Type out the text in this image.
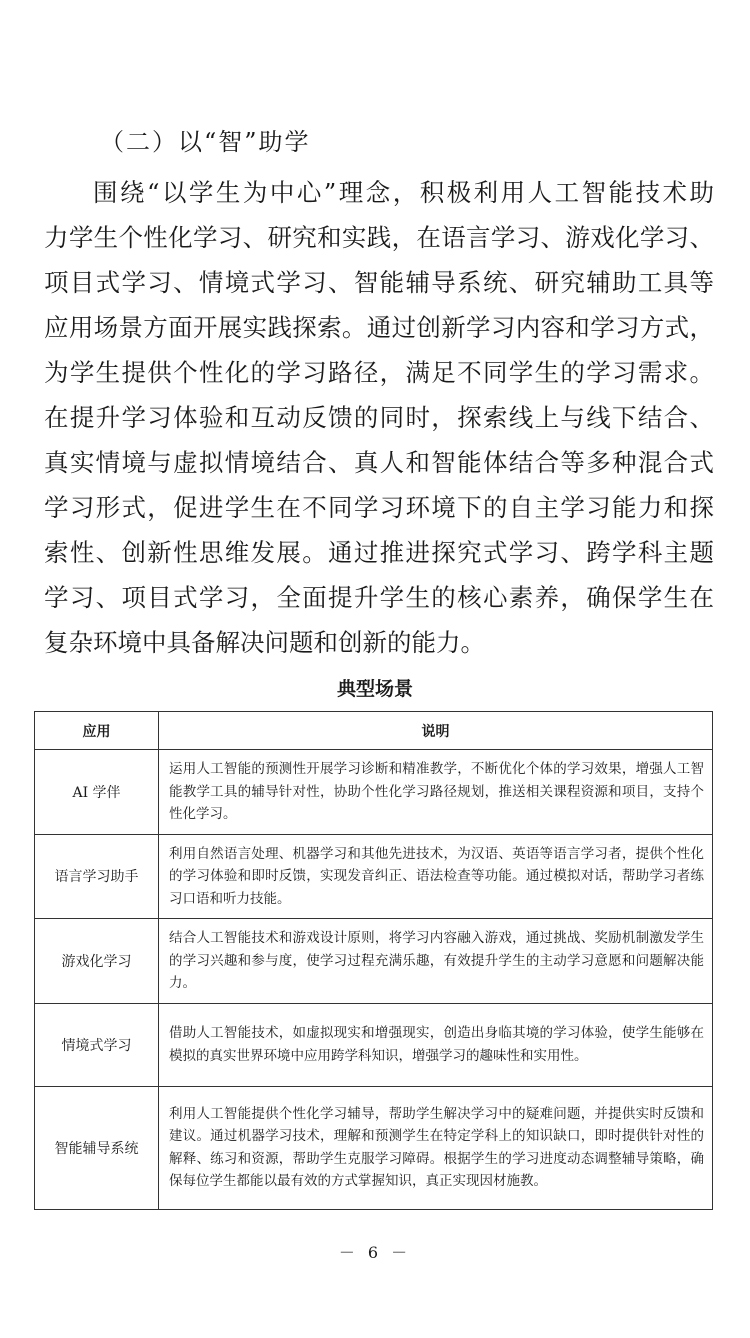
（二）以“智”助学
围绕“以学生为中心”理念，积极利用人工智能技术助
力学生个性化学习、研究和实践，在语言学习、游戏化学习、
项目式学习、情境式学习、智能辅导系统、研究辅助工具等
应用场景方面开展实践探索。通过创新学习内容和学习方式，
为学生提供个性化的学习路径，满足不同学生的学习需求。
在提升学习体验和互动反馈的同时，探索线上与线下结合、
真实情境与虚拟情境结合、真人和智能体结合等多种混合式
学习形式，促进学生在不同学习环境下的自主学习能力和探
索性、创新性思维发展。通过推进探究式学习、跨学科主题
学习、项目式学习，全面提升学生的核心素养，确保学生在
复杂环境中具备解决问题和创新的能力。
典型场景
应用	说明
AI 学伴	运用人工智能的预测性开展学习诊断和精准教学，不断优化个体的学习效果，增强人工智能教学工具的辅导针对性，协助个性化学习路径规划，推送相关课程资源和项目，支持个性化学习。
语言学习助手	利用自然语言处理、机器学习和其他先进技术，为汉语、英语等语言学习者，提供个性化的学习体验和即时反馈，实现发音纠正、语法检查等功能。通过模拟对话，帮助学习者练习口语和听力技能。
游戏化学习	结合人工智能技术和游戏设计原则，将学习内容融入游戏，通过挑战、奖励机制激发学生的学习兴趣和参与度，使学习过程充满乐趣，有效提升学生的主动学习意愿和问题解决能力。
情境式学习	借助人工智能技术，如虚拟现实和增强现实，创造出身临其境的学习体验，使学生能够在模拟的真实世界环境中应用跨学科知识，增强学习的趣味性和实用性。
智能辅导系统	利用人工智能提供个性化学习辅导，帮助学生解决学习中的疑难问题，并提供实时反馈和建议。通过机器学习技术，理解和预测学生在特定学科上的知识缺口，即时提供针对性的解释、练习和资源，帮助学生克服学习障碍。根据学生的学习进度动态调整辅导策略，确保每位学生都能以最有效的方式掌握知识，真正实现因材施教。
－ 6 －
